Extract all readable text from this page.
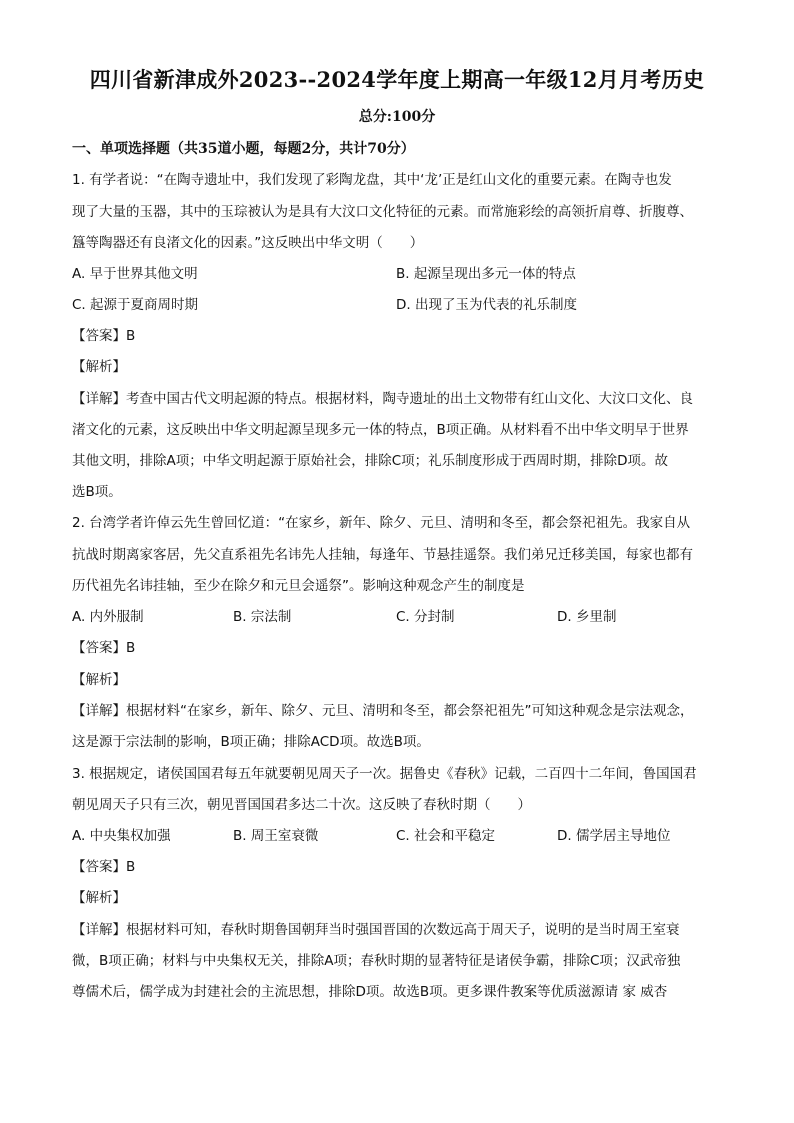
四川省新津成外2023--2024学年度上期高一年级12月月考历史
总分:100分
一、单项选择题（共35道小题，每题2分，共计70分）
1. 有学者说：“在陶寺遗址中，我们发现了彩陶龙盘，其中‘龙’正是红山文化的重要元素。在陶寺也发
现了大量的玉器，其中的玉琮被认为是具有大汶口文化特征的元素。而常施彩绘的高领折肩尊、折腹尊、
簋等陶器还有良渚文化的因素。”这反映出中华文明（　　）
A. 早于世界其他文明	B. 起源呈现出多元一体的特点
C. 起源于夏商周时期	D. 出现了玉为代表的礼乐制度
【答案】B
【解析】
【详解】考查中国古代文明起源的特点。根据材料，陶寺遗址的出土文物带有红山文化、大汶口文化、良
渚文化的元素，这反映出中华文明起源呈现多元一体的特点，B项正确。从材料看不出中华文明早于世界
其他文明，排除A项；中华文明起源于原始社会，排除C项；礼乐制度形成于西周时期，排除D项。故
选B项。
2. 台湾学者许倬云先生曾回忆道：“在家乡，新年、除夕、元旦、清明和冬至，都会祭祀祖先。我家自从
抗战时期离家客居，先父直系祖先名讳先人挂轴，每逢年、节悬挂遥祭。我们弟兄迁移美国，每家也都有
历代祖先名讳挂轴，至少在除夕和元旦会遥祭”。影响这种观念产生的制度是
A. 内外服制	B. 宗法制	C. 分封制	D. 乡里制
【答案】B
【解析】
【详解】根据材料“在家乡，新年、除夕、元旦、清明和冬至，都会祭祀祖先”可知这种观念是宗法观念，
这是源于宗法制的影响，B项正确；排除ACD项。故选B项。
3. 根据规定，诸侯国国君每五年就要朝见周天子一次。据鲁史《春秋》记载，二百四十二年间，鲁国国君
朝见周天子只有三次，朝见晋国国君多达二十次。这反映了春秋时期（　　）
A. 中央集权加强	B. 周王室衰微	C. 社会和平稳定	D. 儒学居主导地位
【答案】B
【解析】
【详解】根据材料可知，春秋时期鲁国朝拜当时强国晋国的次数远高于周天子，说明的是当时周王室衰
微，B项正确；材料与中央集权无关，排除A项；春秋时期的显著特征是诸侯争霸，排除C项；汉武帝独
尊儒术后，儒学成为封建社会的主流思想，排除D项。故选B项。更多课件教案等优质滋源请 家 威杏
